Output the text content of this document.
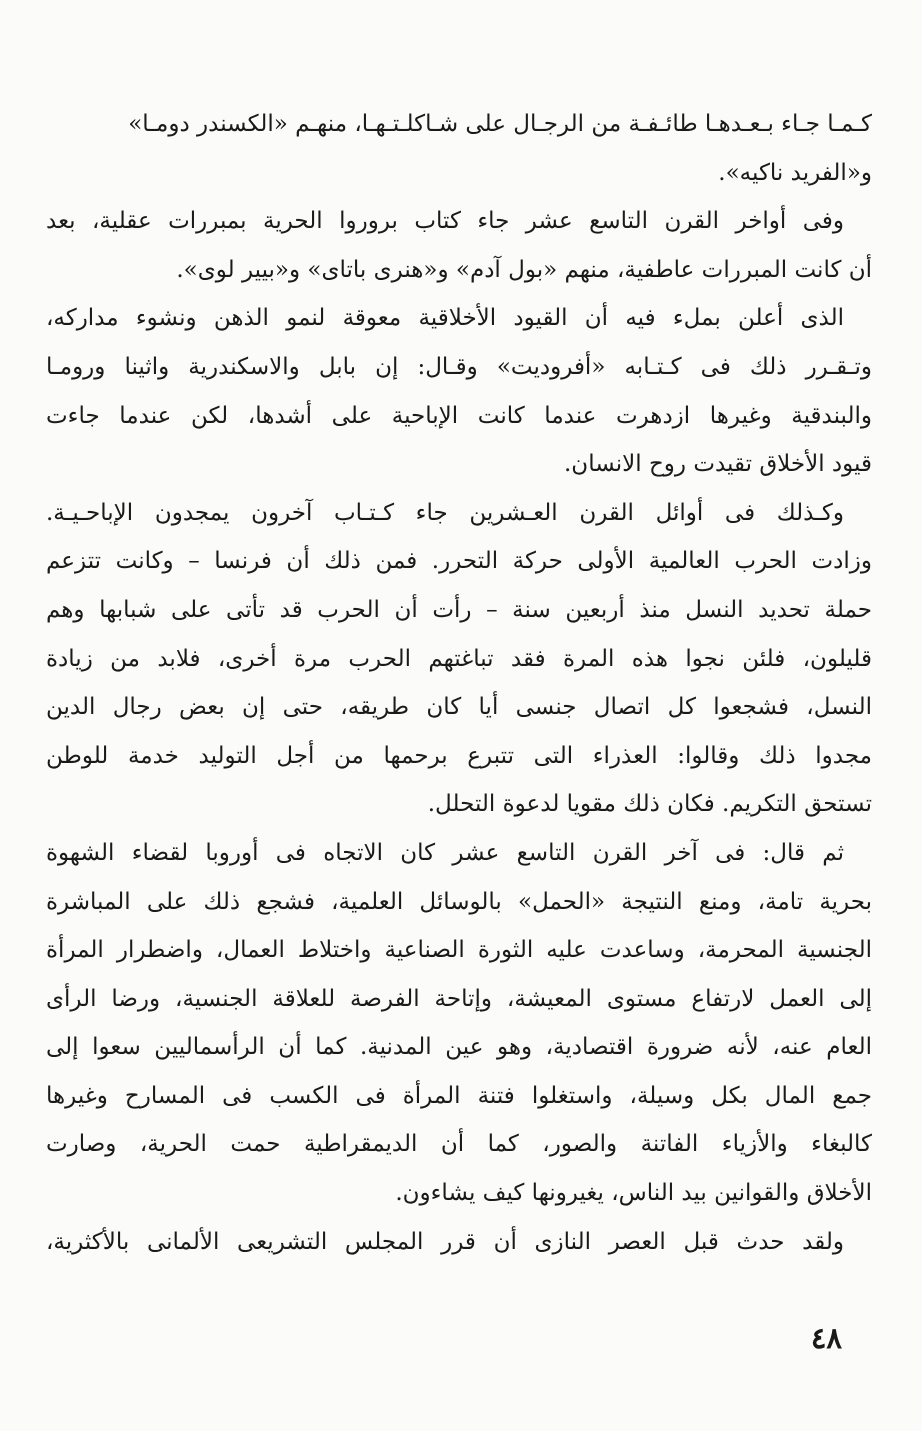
كـمـا جـاء بـعـدهـا طائـفـة من الرجـال على شـاكلـتـهـا، منهـم «الكسندر دومـا»
و«الفريد ناكيه».
وفى أواخر القرن التاسع عشر جاء كتاب بروروا الحرية بمبررات عقلية، بعد
أن كانت المبررات عاطفية، منهم «بول آدم» و«هنرى باتاى» و«بيير لوى».
الذى أعلن بملء فيه أن القيود الأخلاقية معوقة لنمو الذهن ونشوء مداركه،
وتـقـرر ذلك فى كـتـابه «أفروديت» وقـال: إن بابل والاسكندرية واثينا ورومـا
والبندقية وغيرها ازدهرت عندما كانت الإباحية على أشدها، لكن عندما جاءت
قيود الأخلاق تقيدت روح الانسان.
وكـذلك فى أوائل القرن العـشرين جاء كـتـاب آخرون يمجدون الإباحـيـة.
وزادت الحرب العالمية الأولى حركة التحرر. فمن ذلك أن فرنسا – وكانت تتزعم
حملة تحديد النسل منذ أربعين سنة – رأت أن الحرب قد تأتى على شبابها وهم
قليلون، فلئن نجوا هذه المرة فقد تباغتهم الحرب مرة أخرى، فلابد من زيادة
النسل، فشجعوا كل اتصال جنسى أيا كان طريقه، حتى إن بعض رجال الدين
مجدوا ذلك وقالوا: العذراء التى تتبرع برحمها من أجل التوليد خدمة للوطن
تستحق التكريم. فكان ذلك مقويا لدعوة التحلل.
ثم قال: فى آخر القرن التاسع عشر كان الاتجاه فى أوروبا لقضاء الشهوة
بحرية تامة، ومنع النتيجة «الحمل» بالوسائل العلمية، فشجع ذلك على المباشرة
الجنسية المحرمة، وساعدت عليه الثورة الصناعية واختلاط العمال، واضطرار المرأة
إلى العمل لارتفاع مستوى المعيشة، وإتاحة الفرصة للعلاقة الجنسية، ورضا الرأى
العام عنه، لأنه ضرورة اقتصادية، وهو عين المدنية. كما أن الرأسماليين سعوا إلى
جمع المال بكل وسيلة، واستغلوا فتنة المرأة فى الكسب فى المسارح وغيرها
كالبغاء والأزياء الفاتنة والصور، كما أن الديمقراطية حمت الحرية، وصارت
الأخلاق والقوانين بيد الناس، يغيرونها كيف يشاءون.
ولقد حدث قبل العصر النازى أن قرر المجلس التشريعى الألمانى بالأكثرية،
٤٨
